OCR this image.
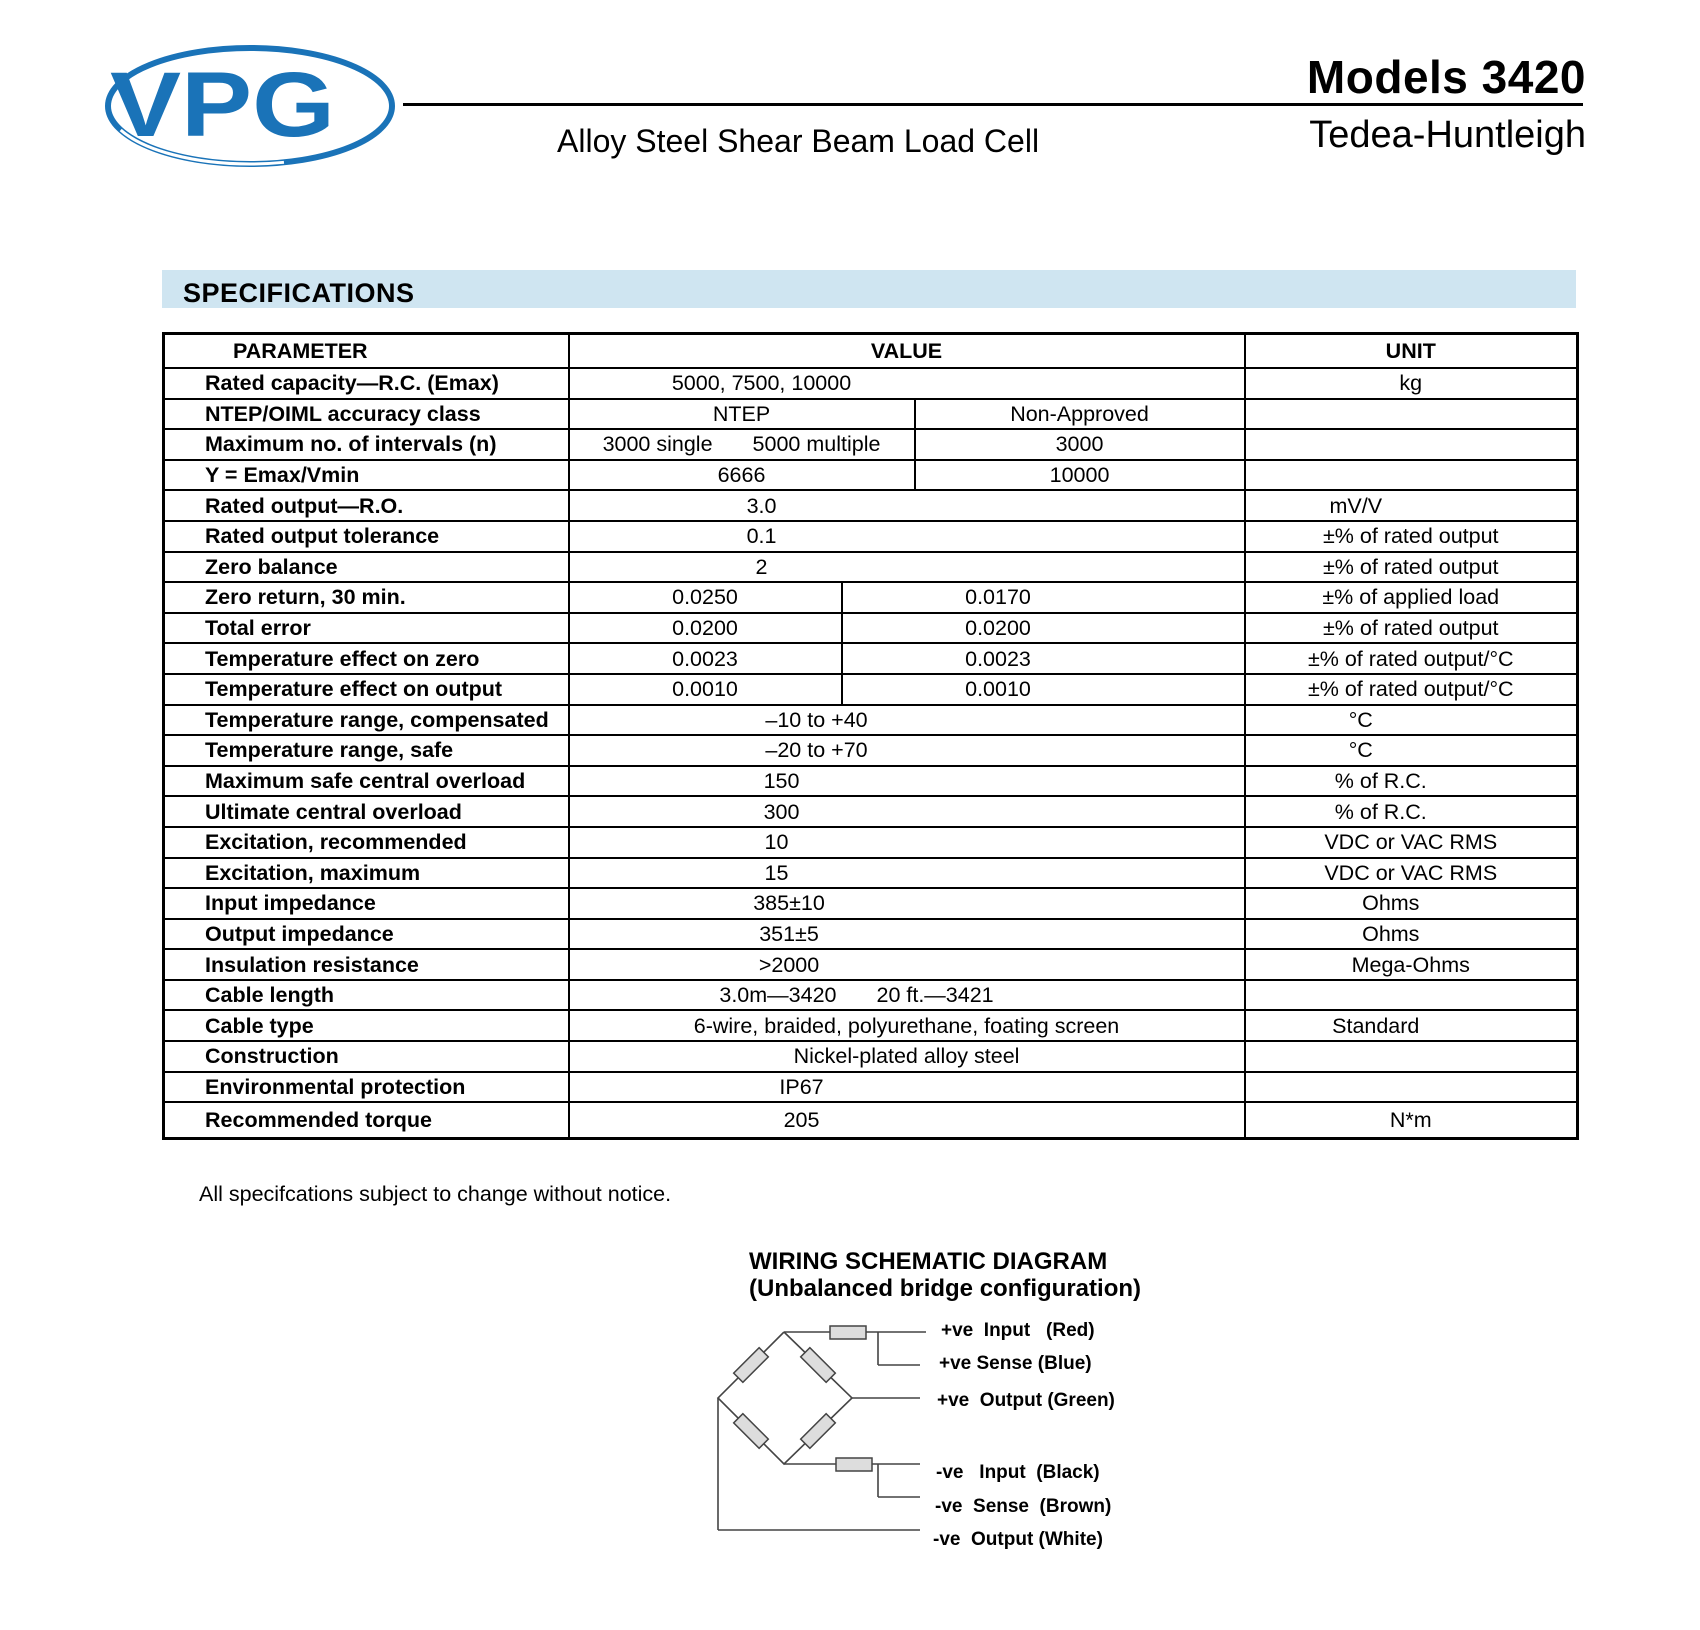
VPG	Models 3420
Tedea-Huntleigh
Alloy Steel Shear Beam Load Cell
SPECIFICATIONS
PARAMETER	VALUE			UNIT
Rated capacity—R.C. (Emax)	5000, 7500, 10000			kg
NTEP/OIML accuracy class	NTEP		Non-Approved	
Maximum no. of intervals (n)	3000 single 5000 multiple		3000	
Y = Emax/Vmin	6666		10000	
Rated output—R.O.	3.0			mV/V
Rated output tolerance	0.1			±% of rated output
Zero balance	2			±% of rated output
Zero return, 30 min.	0.0250	0.0170		±% of applied load
Total error	0.0200	0.0200		±% of rated output
Temperature effect on zero	0.0023	0.0023		±% of rated output/°C
Temperature effect on output	0.0010	0.0010		±% of rated output/°C
Temperature range, compensated	–10 to +40			°C
Temperature range, safe	–20 to +70			°C
Maximum safe central overload	150			% of R.C.
Ultimate central overload	300			% of R.C.
Excitation, recommended	10			VDC or VAC RMS
Excitation, maximum	15			VDC or VAC RMS
Input impedance	385±10			Ohms
Output impedance	351±5			Ohms
Insulation resistance	>2000			Mega-Ohms
Cable length	3.0m—3420 20 ft.—3421			
Cable type	6-wire, braided, polyurethane, foating screen			Standard
Construction	Nickel-plated alloy steel			
Environmental protection	IP67			
Recommended torque	205			N*m
All specifcations subject to change without notice.
WIRING SCHEMATIC DIAGRAM
(Unbalanced bridge configuration)
+ve  Input   (Red)
+ve Sense (Blue)
+ve  Output (Green)
-ve   Input  (Black)
-ve  Sense  (Brown)
-ve  Output (White)
